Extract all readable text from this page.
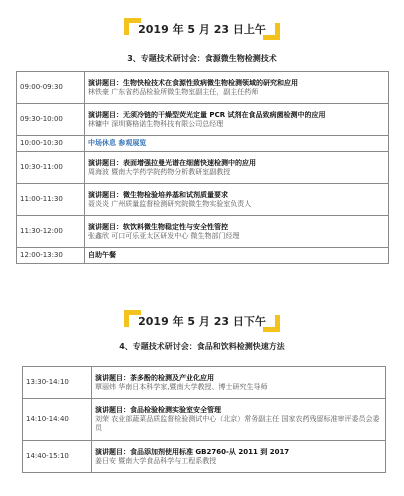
2019 年 5 月 23 日上午
3、专题技术研讨会：食源微生物检测技术
09:00-09:30	演讲题目：生物快检技术在食源性致病微生物检测领域的研究和应用
林铁豪 广东省药品检验所微生物室副主任，副主任药师

09:30-10:00	演讲题目：无须冷链的干燥型荧光定量 PCR 试剂在食品致病菌检测中的应用
林镛中 深圳赛格诺生物科技有限公司总经理

10:00-10:30	中场休息 参观展览
10:30-11:00	演讲题目：表面增强拉曼光谱在细菌快速检测中的应用
周海波 暨南大学药学院药物分析教研室副教授

11:00-11:30	演讲题目：微生物检验培养基和试剂质量要求
聂炎炎 广州质量监督检测研究院微生物实验室负责人

11:30-12:00	演讲题目：软饮料微生物稳定性与安全性管控
张鑫欣 可口可乐亚太区研发中心 微生物部门经理

12:00-13:30	自助午餐
2019 年 5 月 23 日下午
4、专题技术研讨会：食品和饮料检测快速方法
13:30-14:10	演讲题目：茶多酚的检测及产业化应用
覃丽炜 华南日本科学家,暨南大学教授、博士研究生导师

14:10-14:40	演讲题目：食品检验检测实验室安全管理
刘荣 农业部蔬菜品质监督检验测试中心（北京）常务副主任 国家农药残留标准审评委员会委员

14:40-15:10	演讲题目：食品添加剂使用标准 GB2760-从 2011 到 2017
姜日安 暨南大学食品科学与工程系教授
